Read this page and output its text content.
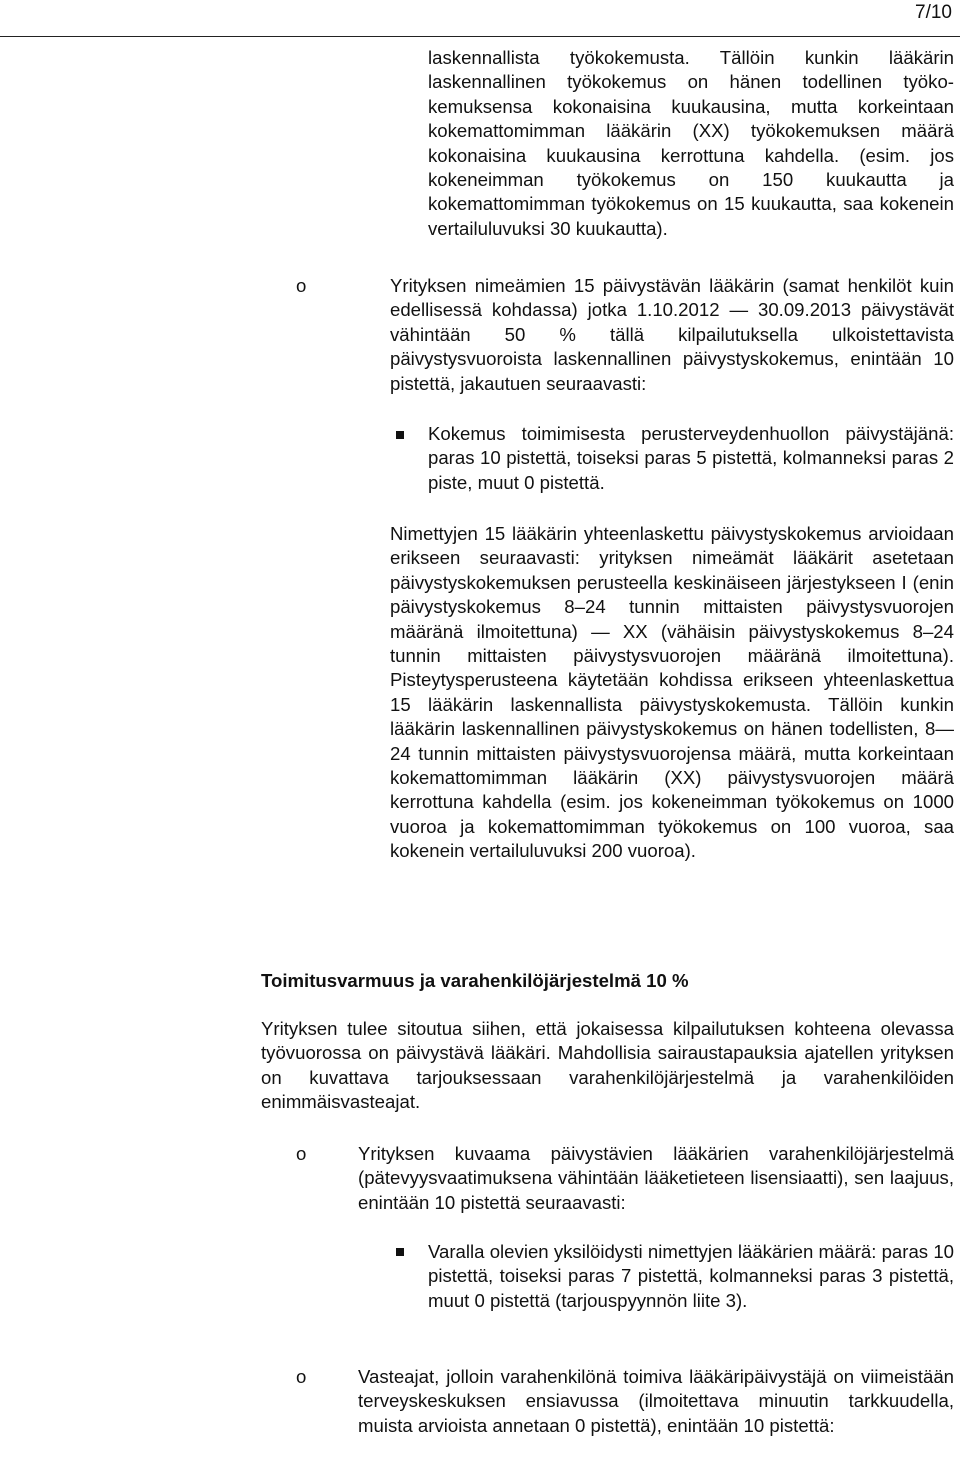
7/10

laskennallista työkokemusta. Tällöin kunkin lääkärin laskennallinen työkokemus on hänen todellinen työkokemuksensa kokonaisina kuukausina, mutta korkeintaan kokemattomimman lääkärin (XX) työkokemuksen määrä kokonaisina kuukausina kerrottuna kahdella. (esim. jos kokeneimman työkokemus on 150 kuukautta ja kokemattomimman työkokemus on 15 kuukautta, saa kokenein vertailuluvuksi 30 kuukautta).

o	Yrityksen nimeämien 15 päivystävän lääkärin (samat henkilöt kuin edellisessä kohdassa) jotka 1.10.2012 — 30.09.2013 päivystävät vähintään 50 % tällä kilpailutuksella ulkoistettavista päivystysvuoroista laskennallinen päivystyskokemus, enintään 10 pistettä, jakautuen seuraavasti:

Kokemus toimimisesta perusterveydenhuollon päivystäjänä: paras 10 pistettä, toiseksi paras 5 pistettä, kolmanneksi paras 2 piste, muut 0 pistettä.

Nimettyjen 15 lääkärin yhteenlaskettu päivystyskokemus arvioidaan erikseen seuraavasti: yrityksen nimeämät lääkärit asetetaan päivystyskokemuksen perusteella keskinäiseen järjestykseen I (enin päivystyskokemus 8–24 tunnin mittaisten päivystysvuorojen määränä ilmoitettuna) — XX (vähäisin päivystyskokemus 8–24 tunnin mittaisten päivystysvuorojen määränä ilmoitettuna). Pisteytysperusteena käytetään kohdissa erikseen yhteenlaskettua 15 lääkärin laskennallista päivystyskokemusta. Tällöin kunkin lääkärin laskennallinen päivystyskokemus on hänen todellisten, 8— 24 tunnin mittaisten päivystysvuorojensa määrä, mutta korkeintaan kokemattomimman lääkärin (XX) päivystysvuorojen määrä kerrottuna kahdella (esim. jos kokeneimman työkokemus on 1000 vuoroa ja kokemattomimman työkokemus on 100 vuoroa, saa kokenein vertailuluvuksi 200 vuoroa).

Toimitusvarmuus ja varahenkilöjärjestelmä 10 %

Yrityksen tulee sitoutua siihen, että jokaisessa kilpailutuksen kohteena olevassa työvuorossa on päivystävä lääkäri. Mahdollisia sairaustapauksia ajatellen yrityksen on kuvattava tarjouksessaan varahenkilöjärjestelmä ja varahenkilöiden enimmäisvasteajat.

o	Yrityksen kuvaama päivystävien lääkärien varahenkilöjärjestelmä (pätevyysvaatimuksena vähintään lääketieteen lisensiaatti), sen laajuus, enintään 10 pistettä seuraavasti:

Varalla olevien yksilöidysti nimettyjen lääkärien määrä: paras 10 pistettä, toiseksi paras 7 pistettä, kolmanneksi paras 3 pistettä, muut 0 pistettä (tarjouspyynnön liite 3).

o	Vasteajat, jolloin varahenkilönä toimiva lääkäripäivystäjä on viimeistään terveyskeskuksen ensiavussa (ilmoitettava minuutin tarkkuudella, muista arvioista annetaan 0 pistettä), enintään 10 pistettä:
